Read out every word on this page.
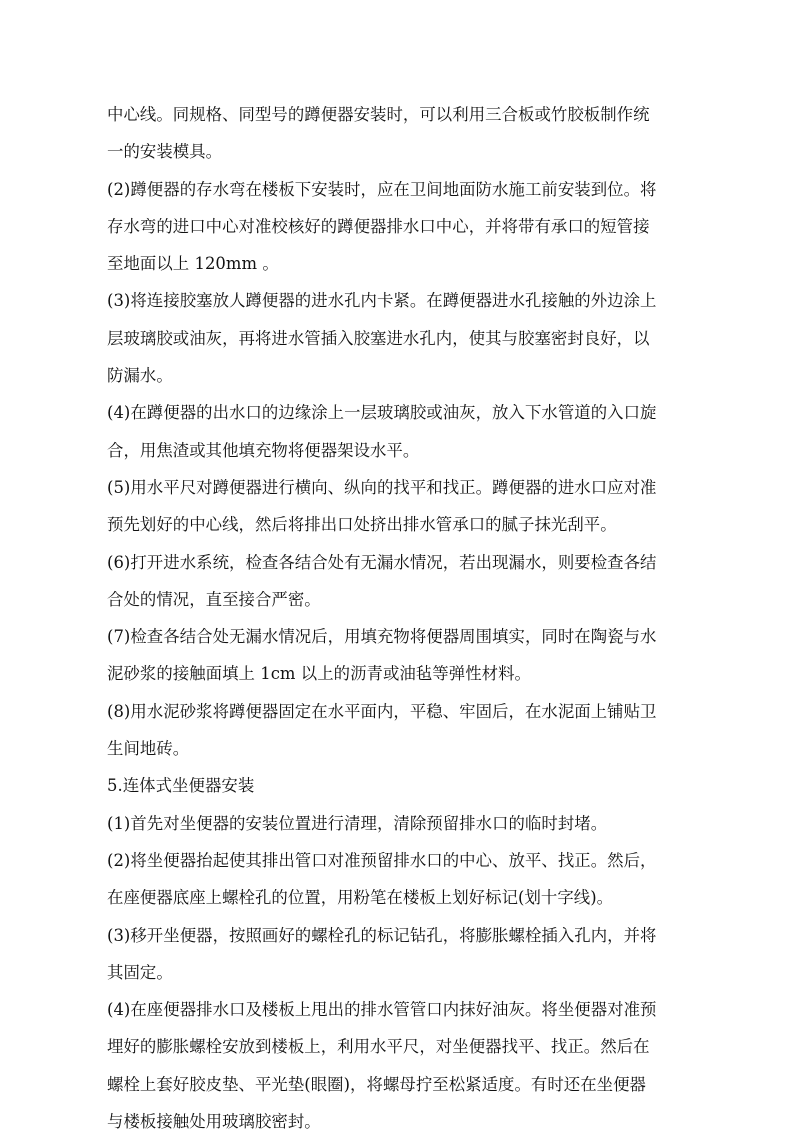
中心线。同规格、同型号的蹲便器安装时，可以利用三合板或竹胶板制作统
一的安装模具。
(2)蹲便器的存水弯在楼板下安装时，应在卫间地面防水施工前安装到位。将
存水弯的进口中心对准校核好的蹲便器排水口中心，并将带有承口的短管接
至地面以上 120mm 。
(3)将连接胶塞放人蹲便器的进水孔内卡紧。在蹲便器进水孔接触的外边涂上
层玻璃胶或油灰，再将进水管插入胶塞进水孔内，使其与胶塞密封良好，以
防漏水。
(4)在蹲便器的出水口的边缘涂上一层玻璃胶或油灰，放入下水管道的入口旋
合，用焦渣或其他填充物将便器架设水平。
(5)用水平尺对蹲便器进行横向、纵向的找平和找正。蹲便器的进水口应对准
预先划好的中心线，然后将排出口处挤出排水管承口的腻子抹光刮平。
(6)打开进水系统，检查各结合处有无漏水情况，若出现漏水，则要检查各结
合处的情况，直至接合严密。
(7)检查各结合处无漏水情况后，用填充物将便器周围填实，同时在陶瓷与水
泥砂浆的接触面填上 1cm 以上的沥青或油毡等弹性材料。
(8)用水泥砂浆将蹲便器固定在水平面内，平稳、牢固后，在水泥面上铺贴卫
生间地砖。
5.连体式坐便器安装
(1)首先对坐便器的安装位置进行清理，清除预留排水口的临时封堵。
(2)将坐便器抬起使其排出管口对准预留排水口的中心、放平、找正。然后，
在座便器底座上螺栓孔的位置，用粉笔在楼板上划好标记(划十字线)。
(3)移开坐便器，按照画好的螺栓孔的标记钻孔，将膨胀螺栓插入孔内，并将
其固定。
(4)在座便器排水口及楼板上甩出的排水管管口内抹好油灰。将坐便器对准预
埋好的膨胀螺栓安放到楼板上，利用水平尺，对坐便器找平、找正。然后在
螺栓上套好胶皮垫、平光垫(眼圈)，将螺母拧至松紧适度。有时还在坐便器
与楼板接触处用玻璃胶密封。
